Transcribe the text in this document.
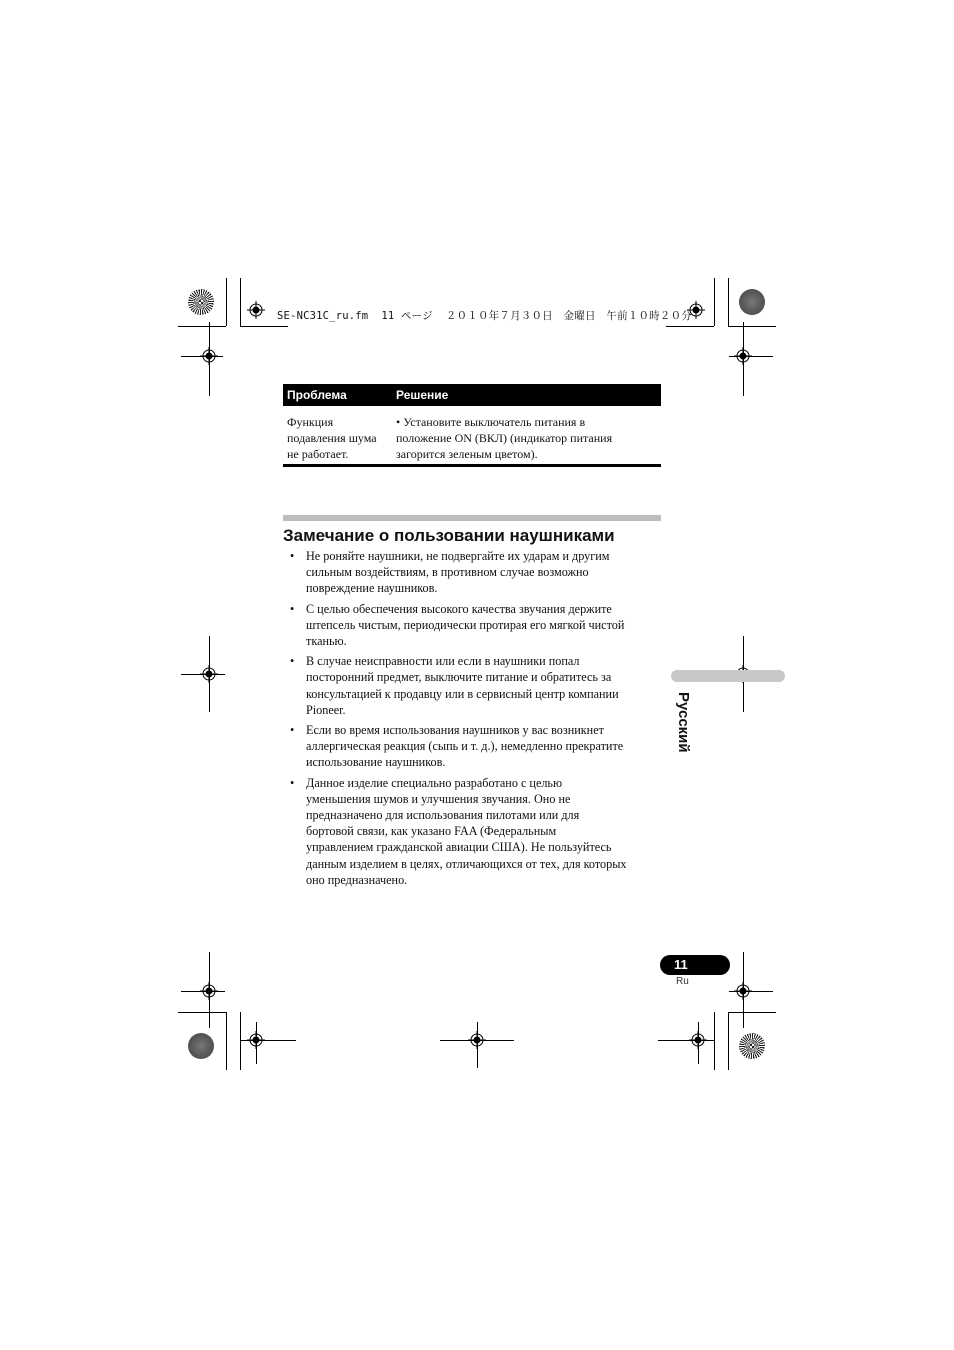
SE-NC31C_ru.fm 11 ページ ２０１０年７月３０日　金曜日　午前１０時２０分
Проблема	Решение
Функция
подавления шума
не работает.
• Установите выключатель питания в
положение ON (ВКЛ) (индикатор питания
загорится зеленым цветом).
Замечание о пользовании наушниками
• Не роняйте наушники, не подвергайте их ударам и другим
сильным воздействиям, в противном случае возможно
повреждение наушников.
• С целью обеспечения высокого качества звучания держите
штепсель чистым, периодически протирая его мягкой чистой
тканью.
• В случае неисправности или если в наушники попал
посторонний предмет, выключите питание и обратитесь за
консультацией к продавцу или в сервисный центр компании
Pioneer.
• Если во время использования наушников у вас возникнет
аллергическая реакция (сыпь и т. д.), немедленно прекратите
использование наушников.
• Данное изделие специально разработано с целью
уменьшения шумов и улучшения звучания. Оно не
предназначено для использования пилотами или для
бортовой связи, как указано FAA (Федеральным
управлением гражданской авиации США). Не пользуйтесь
данным изделием в целях, отличающихся от тех, для которых
оно предназначено.
Русский
11
Ru
